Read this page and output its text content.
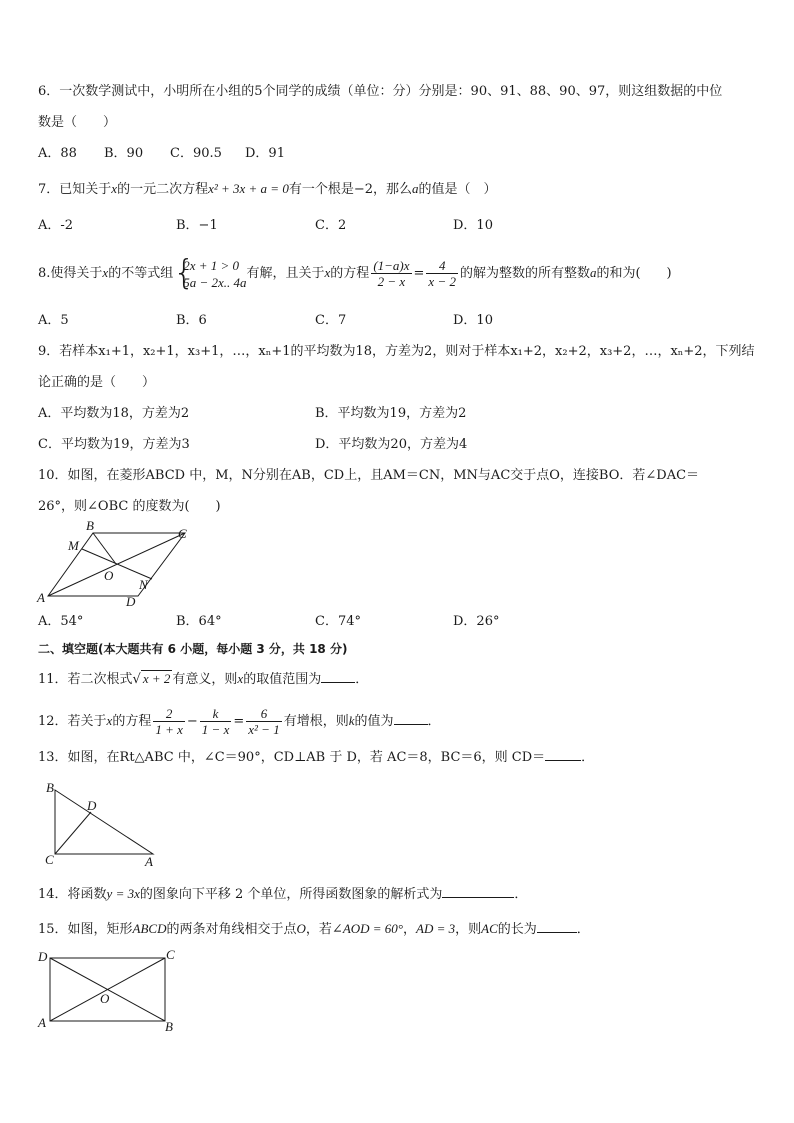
6．一次数学测试中，小明所在小组的5个同学的成绩（单位：分）分别是：90、91、88、90、97，则这组数据的中位
数是（　　）
A．88 B．90 C．90.5 D．91
7．已知关于x的一元二次方程x² + 3x + a = 0有一个根是−2，那么a的值是（　）
A．-2	B．−1	C．2	D．10
8.使得关于x的不等式组 {
2x + 1 > 0
5a − 2x.. 4a
有解，且关于x的方程 $\frac{(1-a)x}{2 - x} = \frac{4}{x - 2}$ 的解为整数的所有整数a的和为(　　)
A．5	B．6	C．7	D．10
9．若样本x₁+1，x₂+1，x₃+1，…，xₙ+1的平均数为18，方差为2，则对于样本x₁+2，x₂+2，x₃+2，…，xₙ+2，下列结
论正确的是（　　）
A．平均数为18，方差为2	B．平均数为19，方差为2
C．平均数为19，方差为3	D．平均数为20，方差为4
10．如图，在菱形ABCD 中，M，N分别在AB，CD上，且AM＝CN，MN与AC交于点O，连接BO．若∠DAC＝
26°，则∠OBC 的度数为(　　)
A
B
C
D
M
N
O
A．54°	B．64°	C．74°	D．26°
二、填空题(本大题共有 6 小题，每小题 3 分，共 18 分)
11．若二次根式√ x + 2 有意义，则x的取值范围为	．
12．若关于x的方程 $\frac{2}{1 + x} - \frac{k}{1 - x} = \frac{6}{\text{x² − 1}}$ 有增根，则k的值为	．
13．如图，在Rt△ABC 中，∠C＝90°，CD⊥AB 于 D，若 AC＝8，BC＝6，则 CD＝	．
B
D
C	A
14．将函数y = 3x的图象向下平移 2 个单位，所得函数图象的解析式为	．
15．如图，矩形ABCD的两条对角线相交于点O，若∠AOD = 60°，AD = 3，则AC的长为	．
D	C
A	B
O
